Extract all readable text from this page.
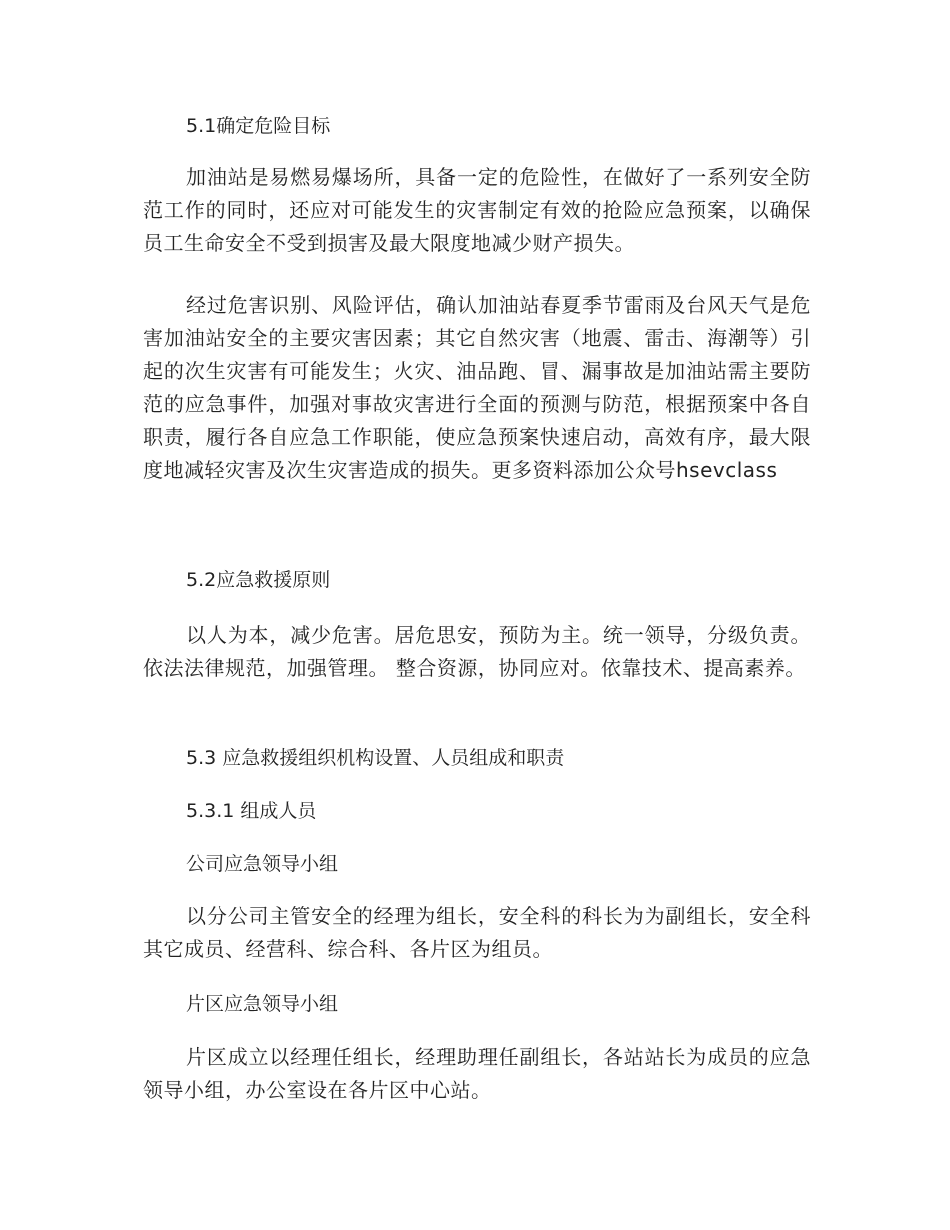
5.1确定危险目标

加油站是易燃易爆场所，具备一定的危险性，在做好了一系列安全防范工作的同时，还应对可能发生的灾害制定有效的抢险应急预案，以确保员工生命安全不受到损害及最大限度地减少财产损失。

经过危害识别、风险评估，确认加油站春夏季节雷雨及台风天气是危害加油站安全的主要灾害因素；其它自然灾害（地震、雷击、海潮等）引起的次生灾害有可能发生；火灾、油品跑、冒、漏事故是加油站需主要防范的应急事件，加强对事故灾害进行全面的预测与防范，根据预案中各自职责，履行各自应急工作职能，使应急预案快速启动，高效有序，最大限度地减轻灾害及次生灾害造成的损失。更多资料添加公众号hsevclass

5.2应急救援原则

以人为本，减少危害。居危思安，预防为主。统一领导，分级负责。依法法律规范，加强管理。 整合资源，协同应对。依靠技术、提高素养。

5.3 应急救援组织机构设置、人员组成和职责
5.3.1 组成人员
公司应急领导小组

以分公司主管安全的经理为组长，安全科的科长为为副组长，安全科其它成员、经营科、综合科、各片区为组员。

片区应急领导小组

片区成立以经理任组长，经理助理任副组长，各站站长为成员的应急领导小组，办公室设在各片区中心站。
